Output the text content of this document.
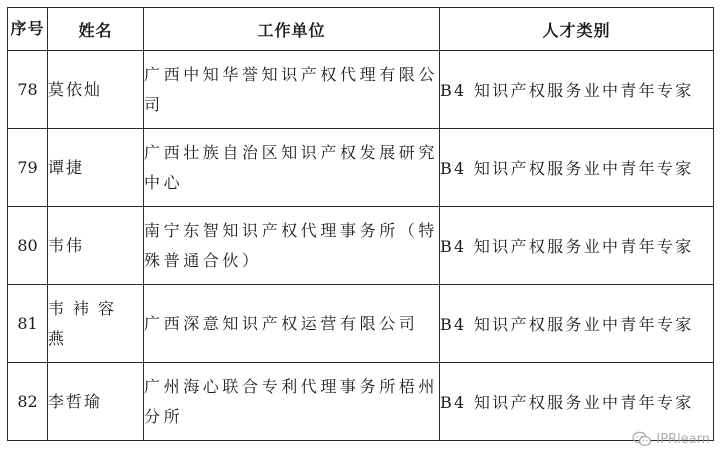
序号	姓名	工作单位	人才类别
78	莫依灿	广西中知华誉知识产权代理有限公司	B4 知识产权服务业中青年专家
79	谭捷	广西壮族自治区知识产权发展研究中心	B4 知识产权服务业中青年专家
80	韦伟	南宁东智知识产权代理事务所（特殊普通合伙）	B4 知识产权服务业中青年专家
81	韦袆容燕	广西深意知识产权运营有限公司	B4 知识产权服务业中青年专家
82	李哲瑜	广州海心联合专利代理事务所梧州分所	B4 知识产权服务业中青年专家
IPRlearn
